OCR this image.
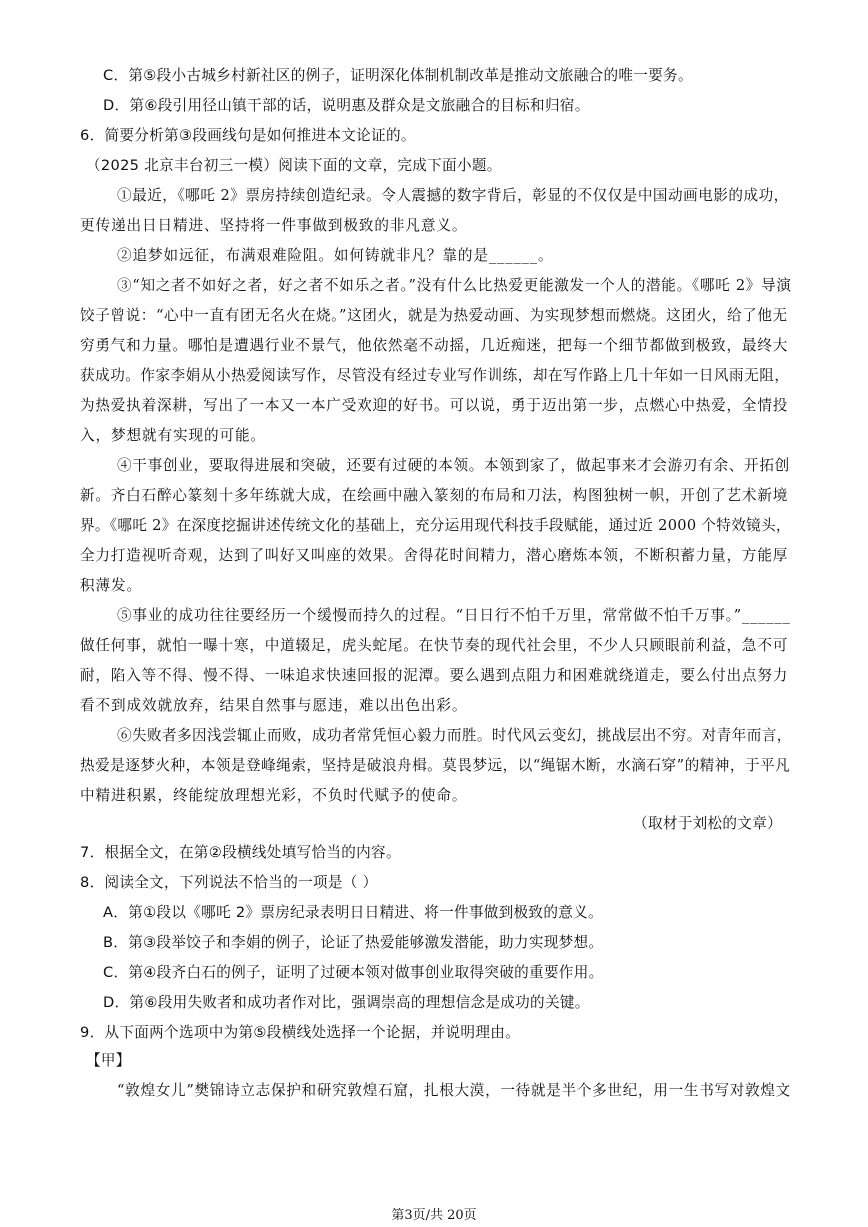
C．第⑤段小古城乡村新社区的例子，证明深化体制机制改革是推动文旅融合的唯一要务。
D．第⑥段引用径山镇干部的话，说明惠及群众是文旅融合的目标和归宿。
6．简要分析第③段画线句是如何推进本文论证的。
（2025 北京丰台初三一模）阅读下面的文章，完成下面小题。
①最近，《哪吒 2》票房持续创造纪录。令人震撼的数字背后，彰显的不仅仅是中国动画电影的成功，
更传递出日日精进、坚持将一件事做到极致的非凡意义。
②追梦如远征，布满艰难险阻。如何铸就非凡？靠的是______。
③“知之者不如好之者，好之者不如乐之者。”没有什么比热爱更能激发一个人的潜能。《哪吒 2》导演
饺子曾说：“心中一直有团无名火在烧。”这团火，就是为热爱动画、为实现梦想而燃烧。这团火，给了他无
穷勇气和力量。哪怕是遭遇行业不景气，他依然毫不动摇，几近痴迷，把每一个细节都做到极致，最终大
获成功。作家李娟从小热爱阅读写作，尽管没有经过专业写作训练，却在写作路上几十年如一日风雨无阻，
为热爱执着深耕，写出了一本又一本广受欢迎的好书。可以说，勇于迈出第一步，点燃心中热爱，全情投
入，梦想就有实现的可能。
④干事创业，要取得进展和突破，还要有过硬的本领。本领到家了，做起事来才会游刃有余、开拓创
新。齐白石醉心篆刻十多年练就大成，在绘画中融入篆刻的布局和刀法，构图独树一帜，开创了艺术新境
界。《哪吒 2》在深度挖掘讲述传统文化的基础上，充分运用现代科技手段赋能，通过近 2000 个特效镜头，
全力打造视听奇观，达到了叫好又叫座的效果。舍得花时间精力，潜心磨炼本领，不断积蓄力量，方能厚
积薄发。
⑤事业的成功往往要经历一个缓慢而持久的过程。“日日行不怕千万里，常常做不怕千万事。”______
做任何事，就怕一曝十寒，中道辍足，虎头蛇尾。在快节奏的现代社会里，不少人只顾眼前利益，急不可
耐，陷入等不得、慢不得、一味追求快速回报的泥潭。要么遇到点阻力和困难就绕道走，要么付出点努力
看不到成效就放弃，结果自然事与愿违，难以出色出彩。
⑥失败者多因浅尝辄止而败，成功者常凭恒心毅力而胜。时代风云变幻，挑战层出不穷。对青年而言，
热爱是逐梦火种，本领是登峰绳索，坚持是破浪舟楫。莫畏梦远，以“绳锯木断，水滴石穿”的精神，于平凡
中精进积累，终能绽放理想光彩，不负时代赋予的使命。
（取材于刘松的文章）
7．根据全文，在第②段横线处填写恰当的内容。
8．阅读全文，下列说法不恰当的一项是（ ）
A．第①段以《哪吒 2》票房纪录表明日日精进、将一件事做到极致的意义。
B．第③段举饺子和李娟的例子，论证了热爱能够激发潜能，助力实现梦想。
C．第④段齐白石的例子，证明了过硬本领对做事创业取得突破的重要作用。
D．第⑥段用失败者和成功者作对比，强调崇高的理想信念是成功的关键。
9．从下面两个选项中为第⑤段横线处选择一个论据，并说明理由。
【甲】
“敦煌女儿”樊锦诗立志保护和研究敦煌石窟，扎根大漠，一待就是半个多世纪，用一生书写对敦煌文
第3页/共 20页
